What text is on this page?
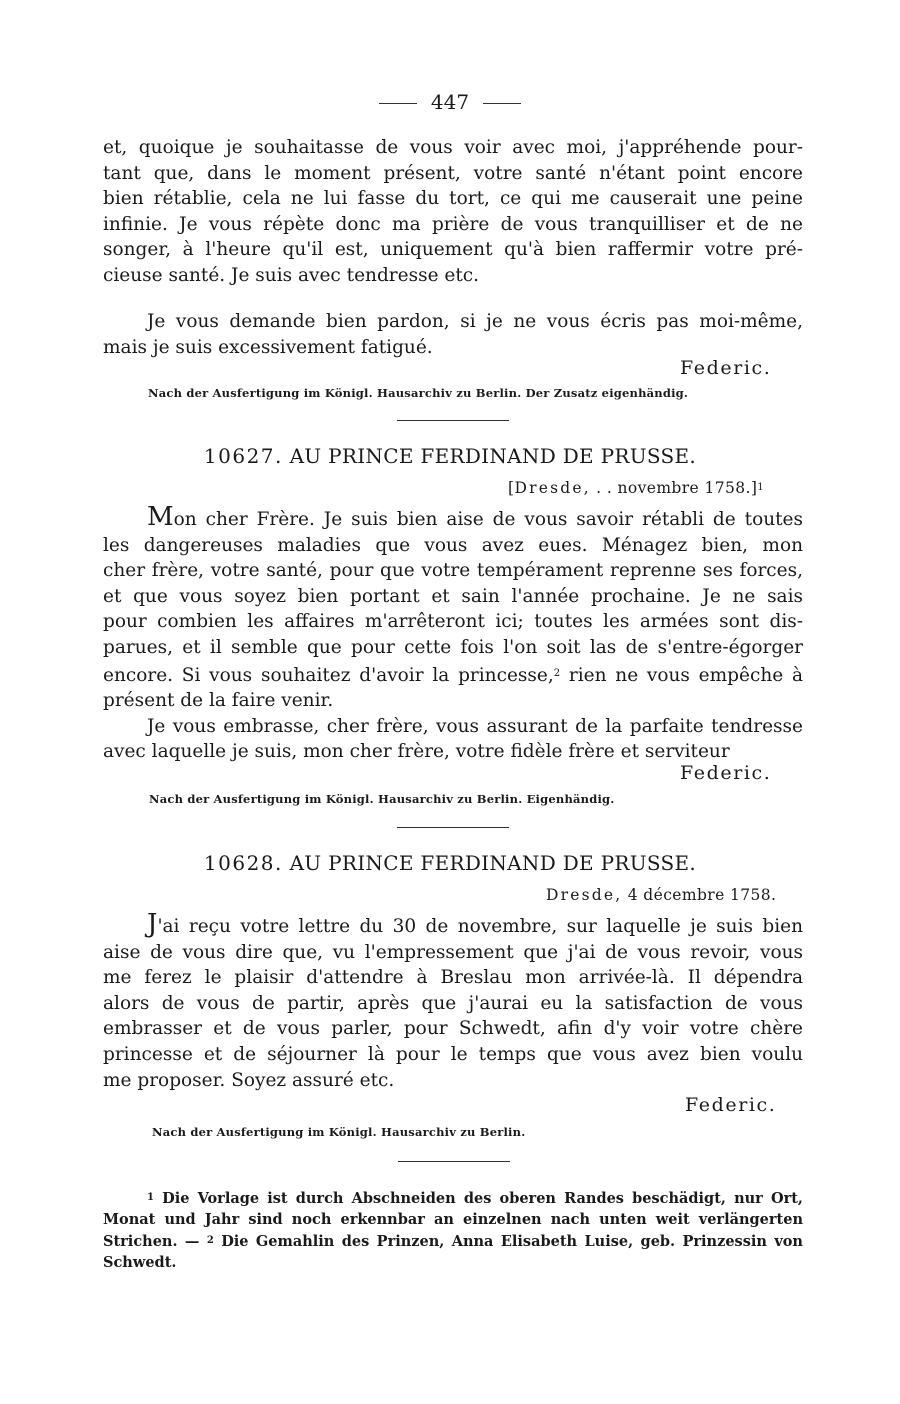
447
et, quoique je souhaitasse de vous voir avec moi, j'appréhende pour-
tant que, dans le moment présent, votre santé n'étant point encore
bien rétablie, cela ne lui fasse du tort, ce qui me causerait une peine
infinie. Je vous répète donc ma prière de vous tranquilliser et de ne
songer, à l'heure qu'il est, uniquement qu'à bien raffermir votre pré-
cieuse santé. Je suis avec tendresse etc.
Je vous demande bien pardon, si je ne vous écris pas moi-même,
mais je suis excessivement fatigué.
Federic.
Nach der Ausfertigung im Königl. Hausarchiv zu Berlin. Der Zusatz eigenhändig.
10627. AU PRINCE FERDINAND DE PRUSSE.
[Dresde, . . novembre 1758.]1
Mon cher Frère. Je suis bien aise de vous savoir rétabli de toutes
les dangereuses maladies que vous avez eues. Ménagez bien, mon
cher frère, votre santé, pour que votre tempérament reprenne ses forces,
et que vous soyez bien portant et sain l'année prochaine. Je ne sais
pour combien les affaires m'arrêteront ici; toutes les armées sont dis-
parues, et il semble que pour cette fois l'on soit las de s'entre-égorger
encore. Si vous souhaitez d'avoir la princesse,$^2$ rien ne vous empêche à
présent de la faire venir.
Je vous embrasse, cher frère, vous assurant de la parfaite tendresse
avec laquelle je suis, mon cher frère, votre fidèle frère et serviteur
Federic.
Nach der Ausfertigung im Königl. Hausarchiv zu Berlin. Eigenhändig.
10628. AU PRINCE FERDINAND DE PRUSSE.
Dresde, 4 décembre 1758.
J'ai reçu votre lettre du 30 de novembre, sur laquelle je suis bien
aise de vous dire que, vu l'empressement que j'ai de vous revoir, vous
me ferez le plaisir d'attendre à Breslau mon arrivée-là. Il dépendra
alors de vous de partir, après que j'aurai eu la satisfaction de vous
embrasser et de vous parler, pour Schwedt, afin d'y voir votre chère
princesse et de séjourner là pour le temps que vous avez bien voulu
me proposer. Soyez assuré etc.
Federic.
Nach der Ausfertigung im Königl. Hausarchiv zu Berlin.
$^1$ Die Vorlage ist durch Abschneiden des oberen Randes beschädigt, nur Ort,
Monat und Jahr sind noch erkennbar an einzelnen nach unten weit verlängerten
Strichen. — $^2$ Die Gemahlin des Prinzen, Anna Elisabeth Luise, geb. Prinzessin von
Schwedt.
